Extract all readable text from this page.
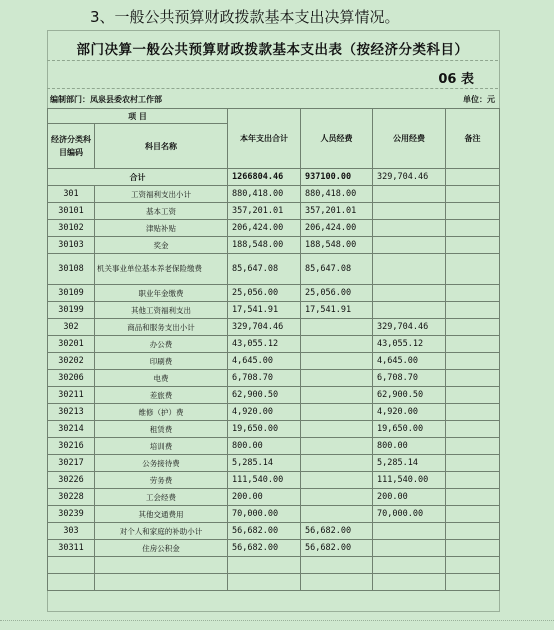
3、一般公共预算财政拨款基本支出决算情况。
部门决算一般公共预算财政拨款基本支出表（按经济分类科目）
06 表
编制部门：凤泉县委农村工作部	单位：元
项 目		本年支出合计	人员经费	公用经费	备注
经济分类科目编码	科目名称				
合计		1266804.46	937100.00	329,704.46	
301	工资福利支出小计	880,418.00	880,418.00		
30101	基本工资	357,201.01	357,201.01		
30102	津贴补贴	206,424.00	206,424.00		
30103	奖金	188,548.00	188,548.00		
30108	机关事业单位基本养老保险缴费	85,647.08	85,647.08		
30109	职业年金缴费	25,056.00	25,056.00		
30199	其他工资福利支出	17,541.91	17,541.91		
302	商品和服务支出小计	329,704.46		329,704.46	
30201	办公费	43,055.12		43,055.12	
30202	印刷费	4,645.00		4,645.00	
30206	电费	6,708.70		6,708.70	
30211	差旅费	62,900.50		62,900.50	
30213	维修（护）费	4,920.00		4,920.00	
30214	租赁费	19,650.00		19,650.00	
30216	培训费	800.00		800.00	
30217	公务接待费	5,285.14		5,285.14	
30226	劳务费	111,540.00		111,540.00	
30228	工会经费	200.00		200.00	
30239	其他交通费用	70,000.00		70,000.00	
303	对个人和家庭的补助小计	56,682.00	56,682.00		
30311	住房公积金	56,682.00	56,682.00		
